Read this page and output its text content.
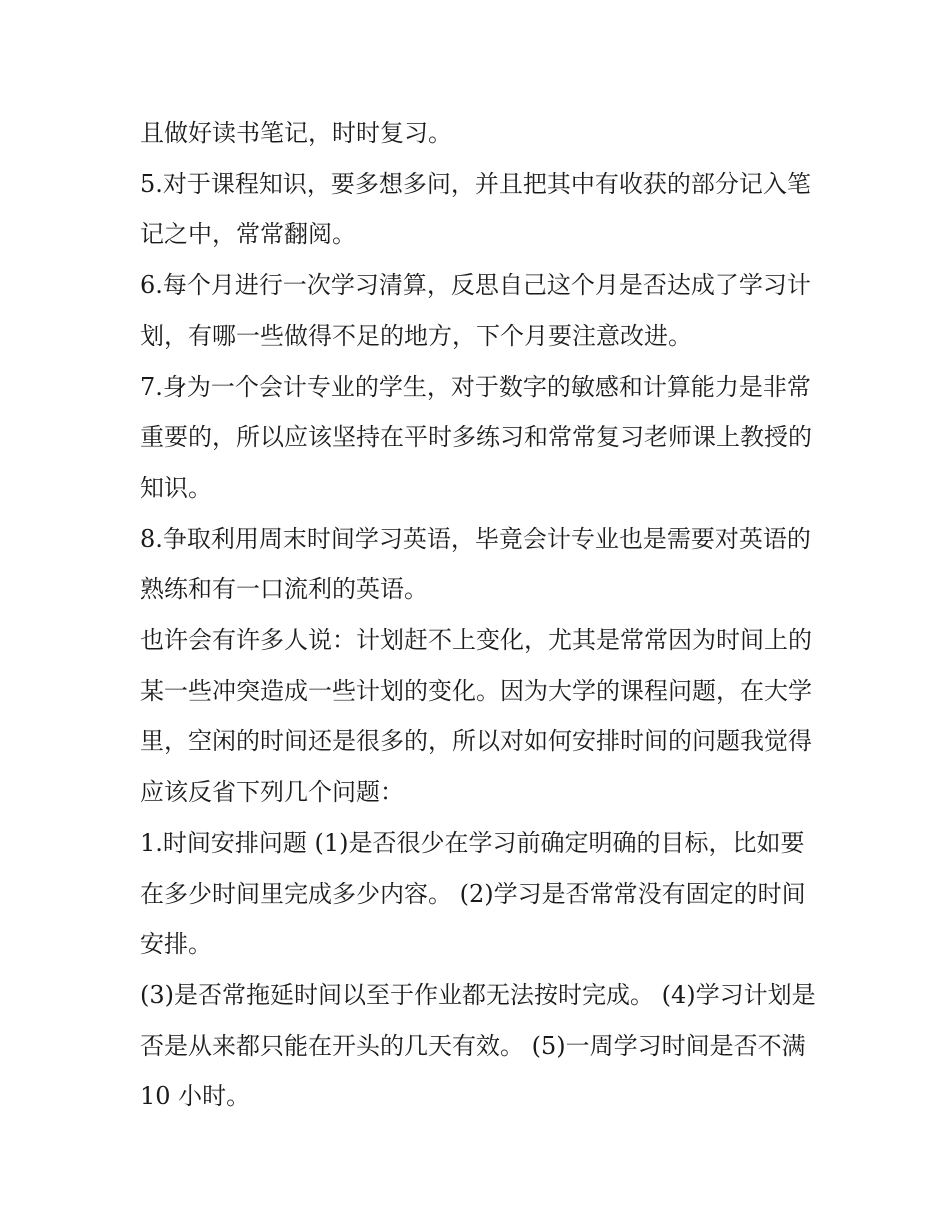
且做好读书笔记，时时复习。

5.对于课程知识，要多想多问，并且把其中有收获的部分记入笔记之中，常常翻阅。

6.每个月进行一次学习清算，反思自己这个月是否达成了学习计划，有哪一些做得不足的地方，下个月要注意改进。

7.身为一个会计专业的学生，对于数字的敏感和计算能力是非常重要的，所以应该坚持在平时多练习和常常复习老师课上教授的知识。

8.争取利用周末时间学习英语，毕竟会计专业也是需要对英语的熟练和有一口流利的英语。

也许会有许多人说：计划赶不上变化，尤其是常常因为时间上的某一些冲突造成一些计划的变化。因为大学的课程问题，在大学里，空闲的时间还是很多的，所以对如何安排时间的问题我觉得应该反省下列几个问题：

1.时间安排问题 (1)是否很少在学习前确定明确的目标，比如要在多少时间里完成多少内容。 (2)学习是否常常没有固定的时间安排。

(3)是否常拖延时间以至于作业都无法按时完成。 (4)学习计划是否是从来都只能在开头的几天有效。 (5)一周学习时间是否不满 10 小时。
